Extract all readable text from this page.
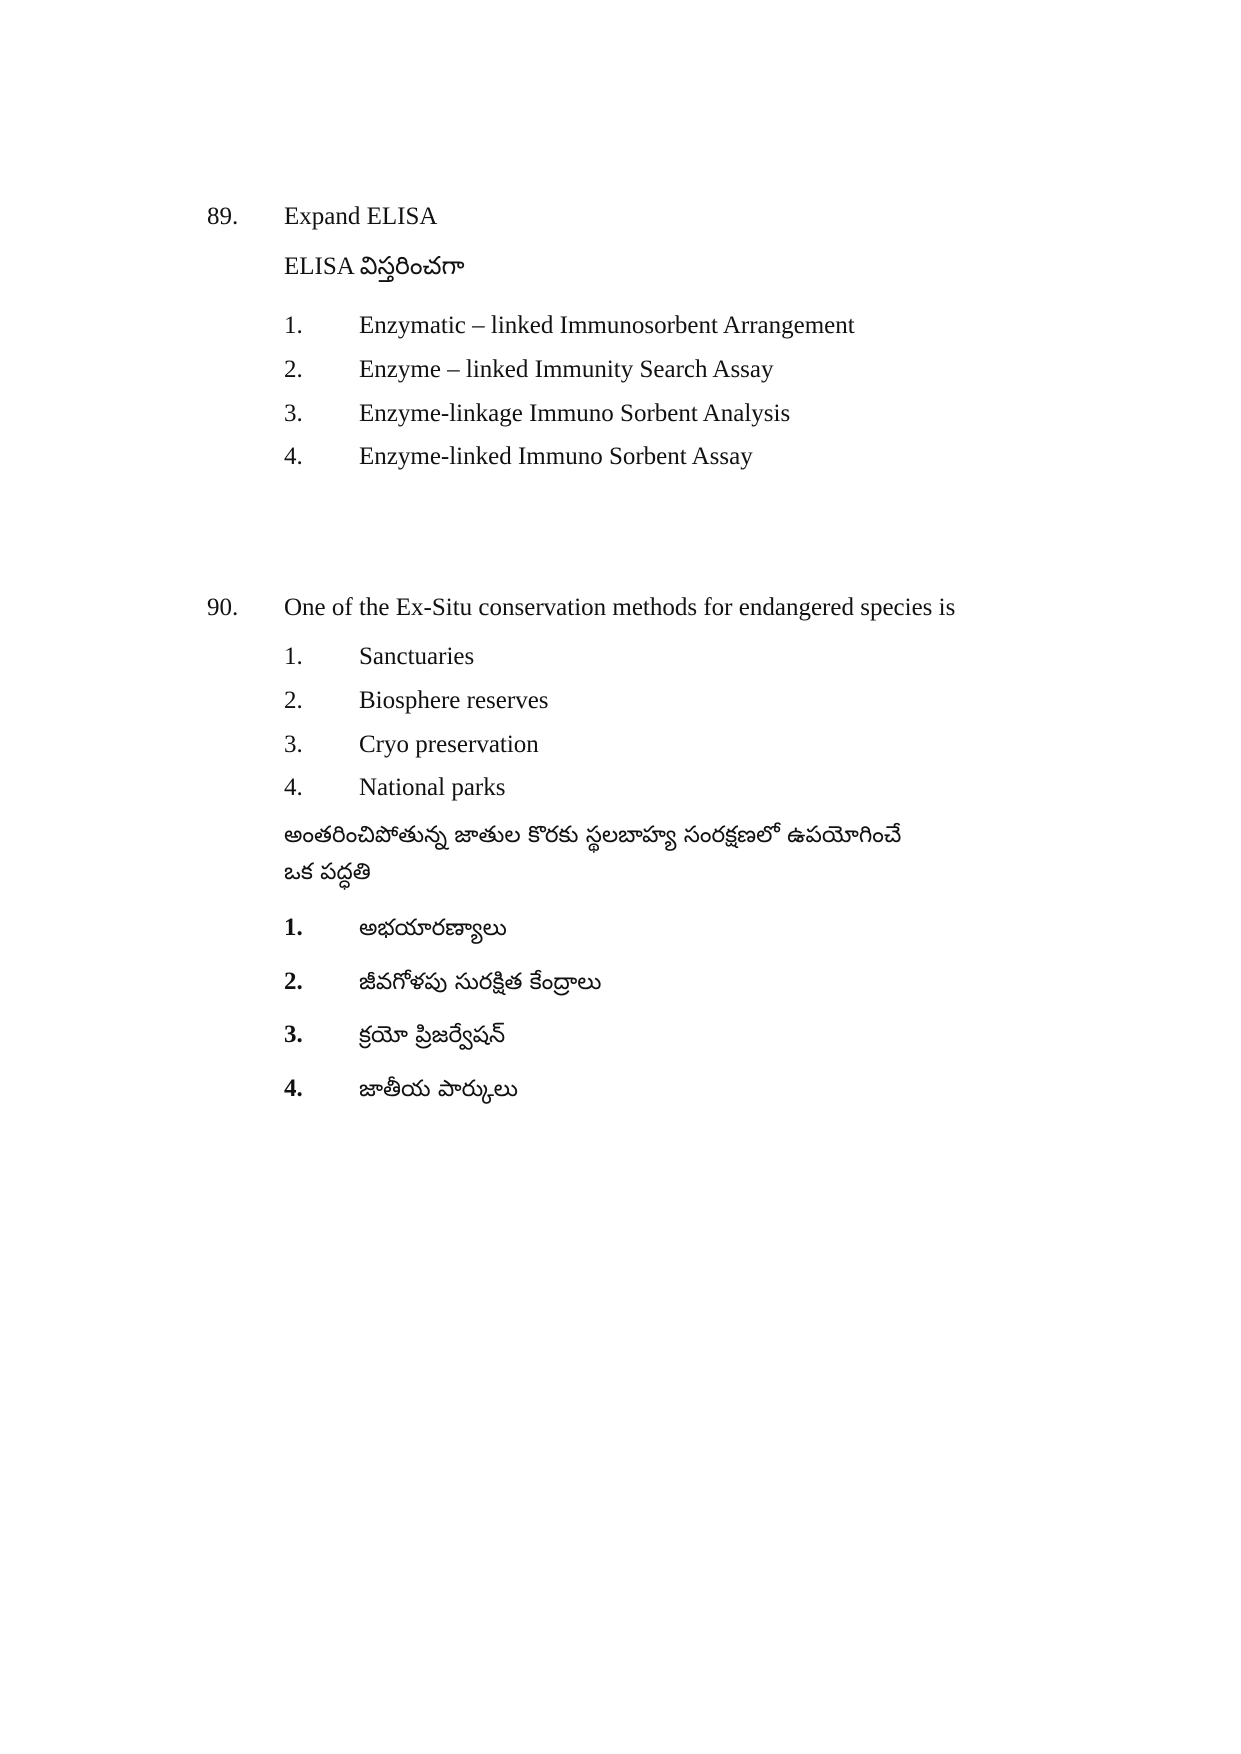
89. Expand ELISA
ELISA విస్తరించగా
1. Enzymatic – linked Immunosorbent Arrangement
2. Enzyme – linked Immunity Search Assay
3. Enzyme-linkage Immuno Sorbent Analysis
4. Enzyme-linked Immuno Sorbent Assay
90. One of the Ex-Situ conservation methods for endangered species is
1. Sanctuaries
2. Biosphere reserves
3. Cryo preservation
4. National parks
అంతరించిపోతున్న జాతుల కొరకు స్థలబాహ్య సంరక్షణలో ఉపయోగించే
ఒక పద్ధతి
1. అభయారణ్యాలు
2. జీవగోళపు సురక్షిత కేంద్రాలు
3. క్రయో ప్రిజర్వేషన్
4. జాతీయ పార్కులు
